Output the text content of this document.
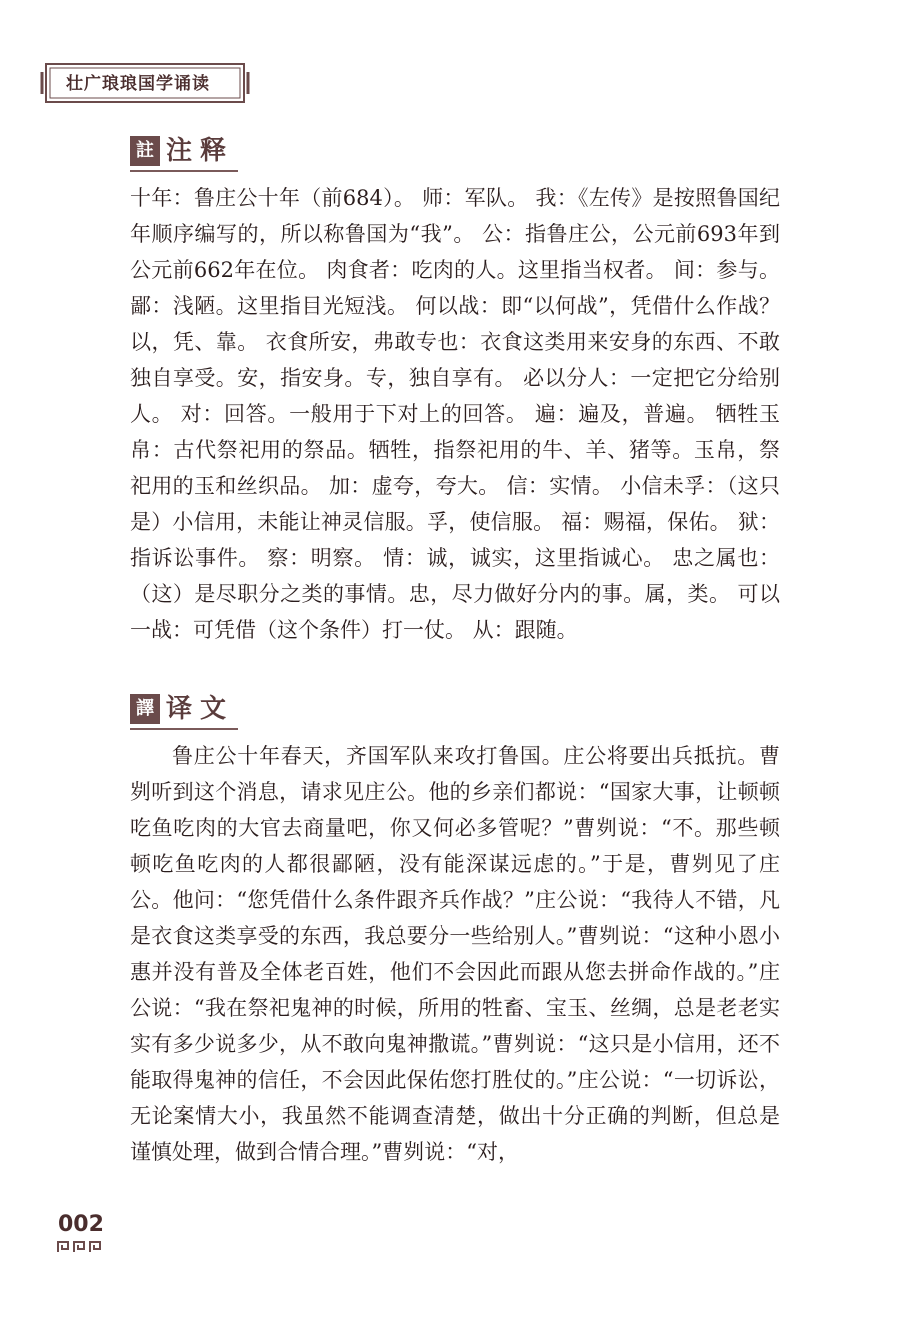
壮广琅琅国学诵读
註 注释

十年：鲁庄公十年（前684）。 师：军队。 我：《左传》是按照鲁国纪年顺序编写的，所以称鲁国为“我”。 公：指鲁庄公，公元前693年到公元前662年在位。 肉食者：吃肉的人。这里指当权者。 间：参与。 鄙：浅陋。这里指目光短浅。 何以战：即“以何战”，凭借什么作战？以，凭、靠。 衣食所安，弗敢专也：衣食这类用来安身的东西、不敢独自享受。安，指安身。专，独自享有。 必以分人：一定把它分给别人。 对：回答。一般用于下对上的回答。 遍：遍及，普遍。 牺牲玉帛：古代祭祀用的祭品。牺牲，指祭祀用的牛、羊、猪等。玉帛，祭祀用的玉和丝织品。 加：虚夸，夸大。 信：实情。 小信未孚：（这只是）小信用，未能让神灵信服。孚，使信服。 福：赐福，保佑。 狱：指诉讼事件。 察：明察。 情：诚，诚实，这里指诚心。 忠之属也：（这）是尽职分之类的事情。忠，尽力做好分内的事。属，类。 可以一战：可凭借（这个条件）打一仗。 从：跟随。

譯 译文

鲁庄公十年春天，齐国军队来攻打鲁国。庄公将要出兵抵抗。曹刿听到这个消息，请求见庄公。他的乡亲们都说：“国家大事，让顿顿吃鱼吃肉的大官去商量吧，你又何必多管呢？”曹刿说：“不。那些顿顿吃鱼吃肉的人都很鄙陋，没有能深谋远虑的。”于是，曹刿见了庄公。他问：“您凭借什么条件跟齐兵作战？”庄公说：“我待人不错，凡是衣食这类享受的东西，我总要分一些给别人。”曹刿说：“这种小恩小惠并没有普及全体老百姓，他们不会因此而跟从您去拼命作战的。”庄公说：“我在祭祀鬼神的时候，所用的牲畜、宝玉、丝绸，总是老老实实有多少说多少，从不敢向鬼神撒谎。”曹刿说：“这只是小信用，还不能取得鬼神的信任，不会因此保佑您打胜仗的。”庄公说：“一切诉讼，无论案情大小，我虽然不能调查清楚，做出十分正确的判断，但总是谨慎处理，做到合情合理。”曹刿说：“对，

002
